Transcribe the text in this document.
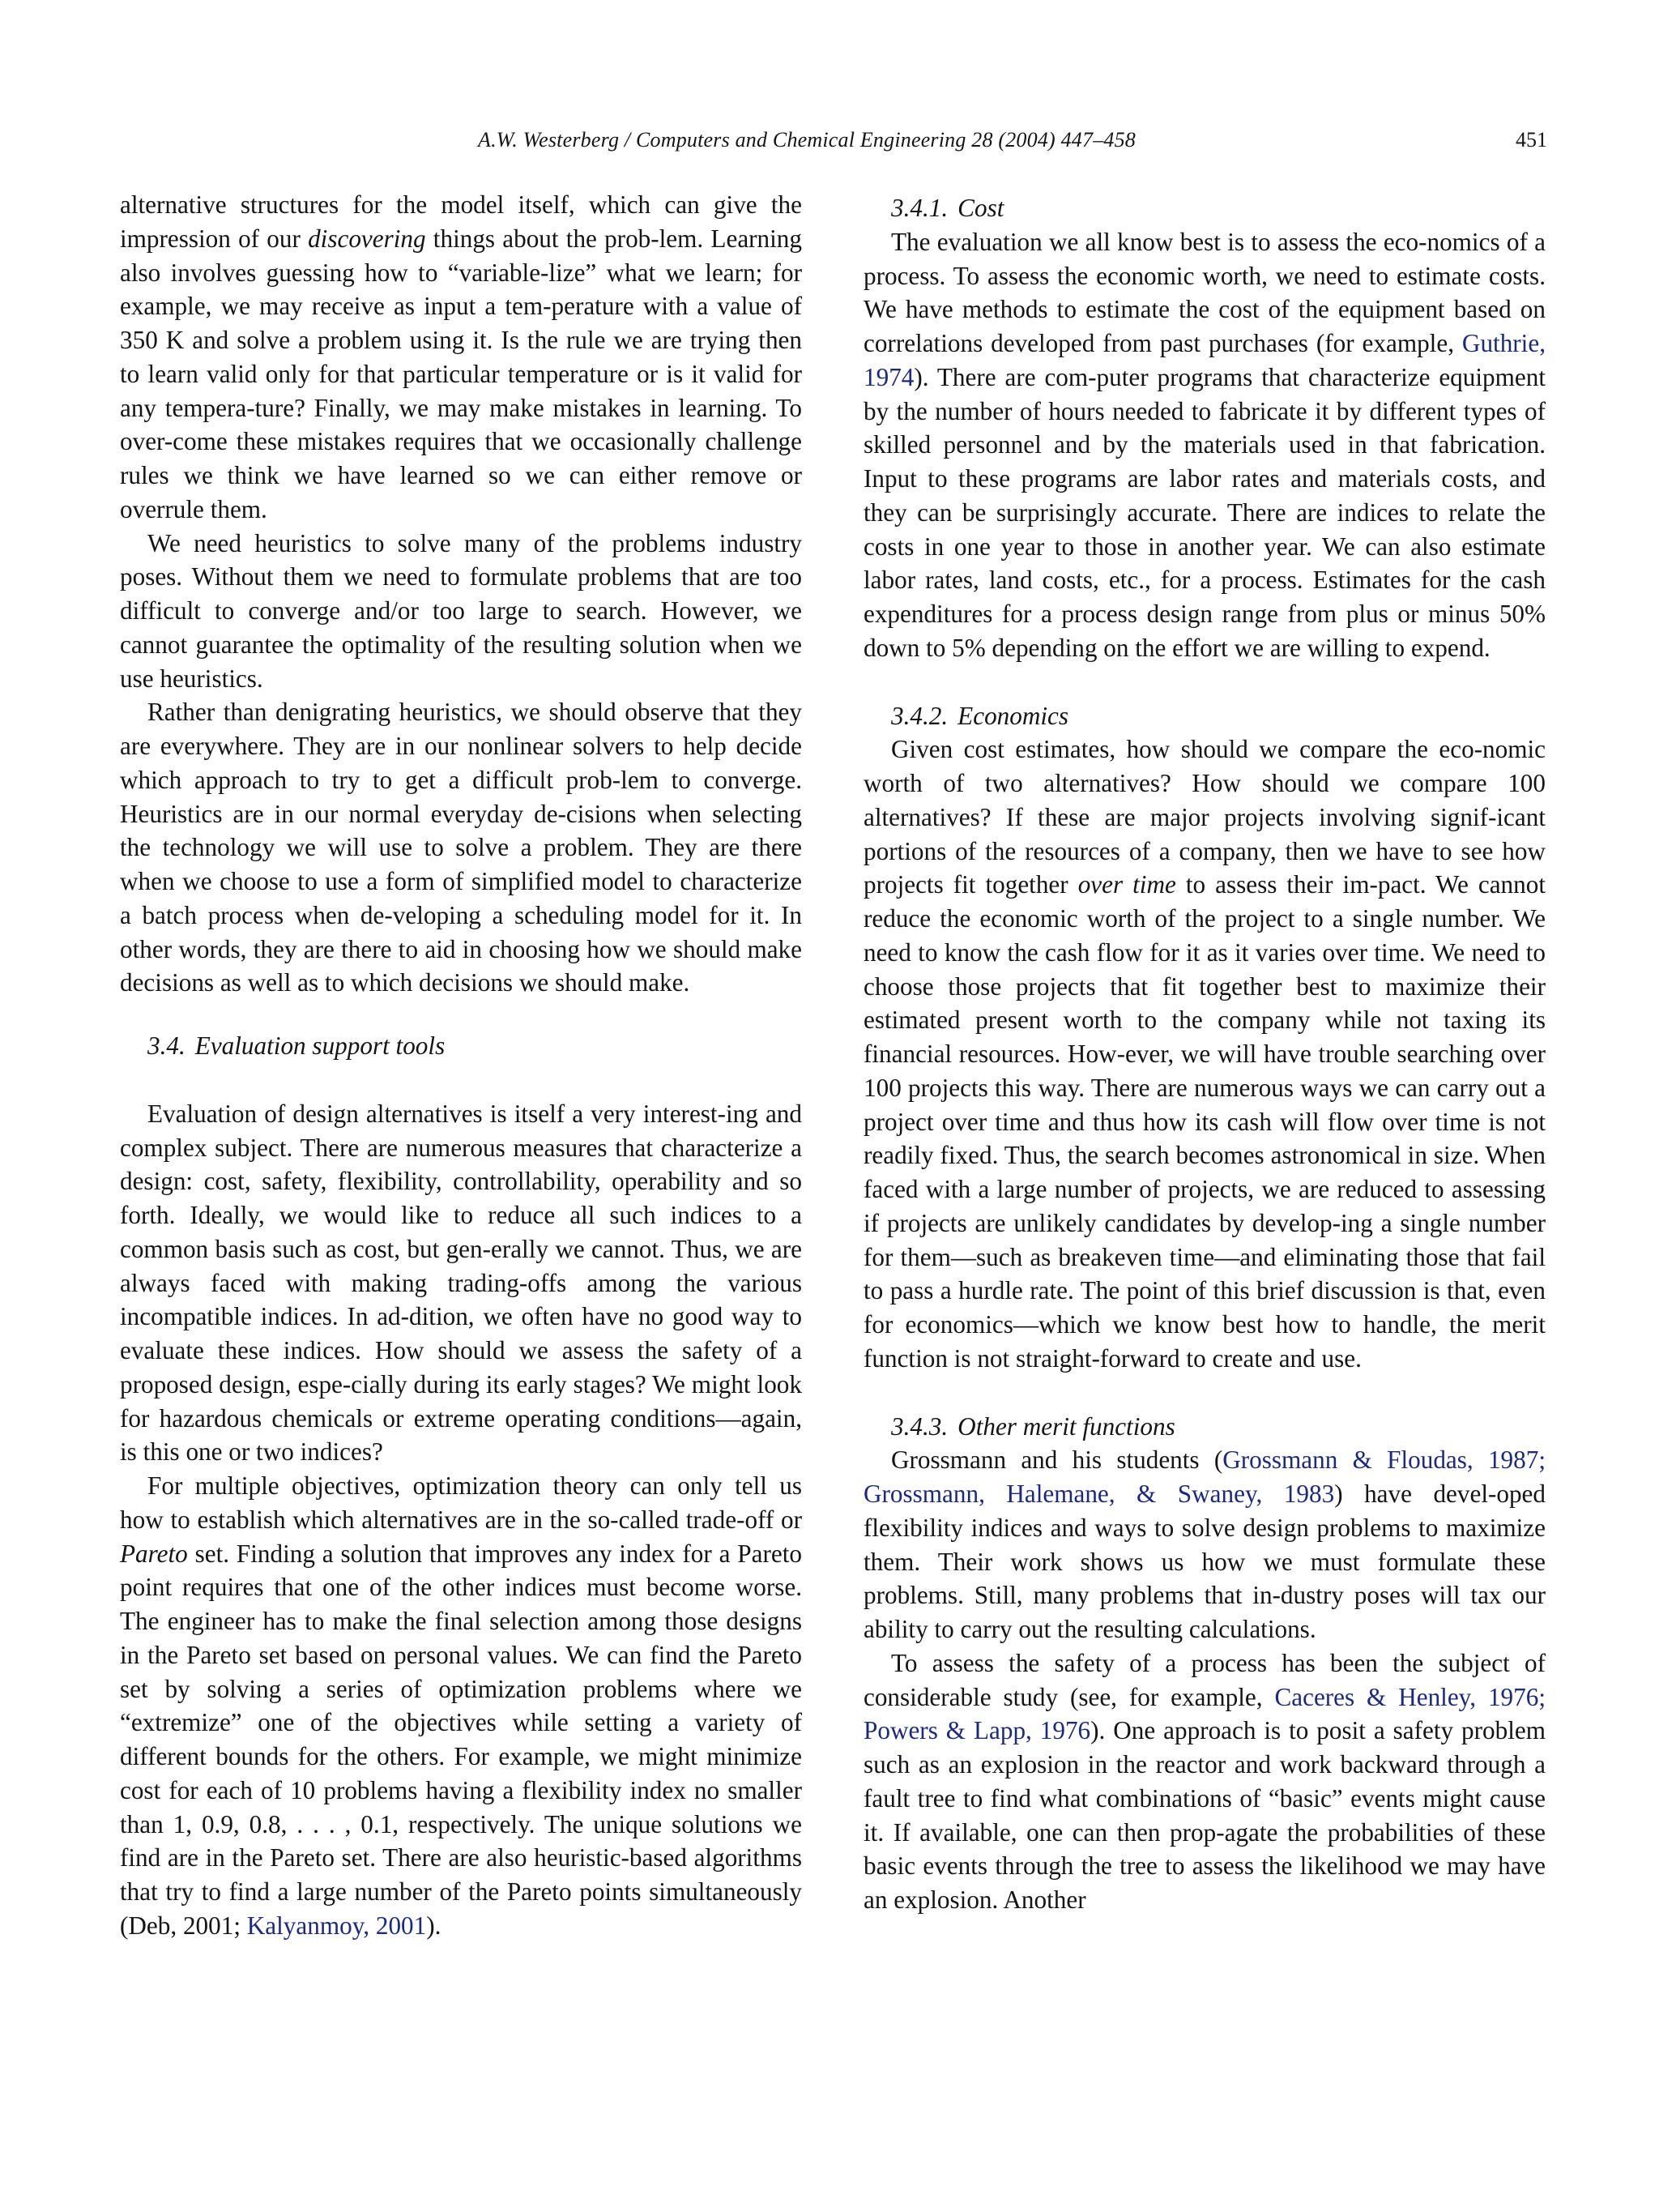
A.W. Westerberg / Computers and Chemical Engineering 28 (2004) 447–458	451

alternative structures for the model itself, which can give the impression of our discovering things about the prob-lem. Learning also involves guessing how to “variable-lize” what we learn; for example, we may receive as input a tem-perature with a value of 350 K and solve a problem using it. Is the rule we are trying then to learn valid only for that particular temperature or is it valid for any tempera-ture? Finally, we may make mistakes in learning. To over-come these mistakes requires that we occasionally challenge rules we think we have learned so we can either remove or overrule them.

We need heuristics to solve many of the problems industry poses. Without them we need to formulate problems that are too difficult to converge and/or too large to search. However, we cannot guarantee the optimality of the resulting solution when we use heuristics.

Rather than denigrating heuristics, we should observe that they are everywhere. They are in our nonlinear solvers to help decide which approach to try to get a difficult prob-lem to converge. Heuristics are in our normal everyday de-cisions when selecting the technology we will use to solve a problem. They are there when we choose to use a form of simplified model to characterize a batch process when de-veloping a scheduling model for it. In other words, they are there to aid in choosing how we should make decisions as well as to which decisions we should make.

3.4. Evaluation support tools

Evaluation of design alternatives is itself a very interest-ing and complex subject. There are numerous measures that characterize a design: cost, safety, flexibility, controllability, operability and so forth. Ideally, we would like to reduce all such indices to a common basis such as cost, but gen-erally we cannot. Thus, we are always faced with making trading-offs among the various incompatible indices. In ad-dition, we often have no good way to evaluate these indices. How should we assess the safety of a proposed design, espe-cially during its early stages? We might look for hazardous chemicals or extreme operating conditions—again, is this one or two indices?

For multiple objectives, optimization theory can only tell us how to establish which alternatives are in the so-called trade-off or Pareto set. Finding a solution that improves any index for a Pareto point requires that one of the other indices must become worse. The engineer has to make the final selection among those designs in the Pareto set based on personal values. We can find the Pareto set by solving a series of optimization problems where we “extremize” one of the objectives while setting a variety of different bounds for the others. For example, we might minimize cost for each of 10 problems having a flexibility index no smaller than 1, 0.9, 0.8, . . . , 0.1, respectively. The unique solutions we find are in the Pareto set. There are also heuristic-based algorithms that try to find a large number of the Pareto points simultaneously (Deb, 2001; Kalyanmoy, 2001).

3.4.1. Cost

The evaluation we all know best is to assess the eco-nomics of a process. To assess the economic worth, we need to estimate costs. We have methods to estimate the cost of the equipment based on correlations developed from past purchases (for example, Guthrie, 1974). There are com-puter programs that characterize equipment by the number of hours needed to fabricate it by different types of skilled personnel and by the materials used in that fabrication. Input to these programs are labor rates and materials costs, and they can be surprisingly accurate. There are indices to relate the costs in one year to those in another year. We can also estimate labor rates, land costs, etc., for a process. Estimates for the cash expenditures for a process design range from plus or minus 50% down to 5% depending on the effort we are willing to expend.

3.4.2. Economics

Given cost estimates, how should we compare the eco-nomic worth of two alternatives? How should we compare 100 alternatives? If these are major projects involving signif-icant portions of the resources of a company, then we have to see how projects fit together over time to assess their im-pact. We cannot reduce the economic worth of the project to a single number. We need to know the cash flow for it as it varies over time. We need to choose those projects that fit together best to maximize their estimated present worth to the company while not taxing its financial resources. How-ever, we will have trouble searching over 100 projects this way. There are numerous ways we can carry out a project over time and thus how its cash will flow over time is not readily fixed. Thus, the search becomes astronomical in size. When faced with a large number of projects, we are reduced to assessing if projects are unlikely candidates by develop-ing a single number for them—such as breakeven time—and eliminating those that fail to pass a hurdle rate. The point of this brief discussion is that, even for economics—which we know best how to handle, the merit function is not straight-forward to create and use.

3.4.3. Other merit functions

Grossmann and his students (Grossmann & Floudas, 1987; Grossmann, Halemane, & Swaney, 1983) have devel-oped flexibility indices and ways to solve design problems to maximize them. Their work shows us how we must formulate these problems. Still, many problems that in-dustry poses will tax our ability to carry out the resulting calculations.

To assess the safety of a process has been the subject of considerable study (see, for example, Caceres & Henley, 1976; Powers & Lapp, 1976). One approach is to posit a safety problem such as an explosion in the reactor and work backward through a fault tree to find what combinations of “basic” events might cause it. If available, one can then prop-agate the probabilities of these basic events through the tree to assess the likelihood we may have an explosion. Another
